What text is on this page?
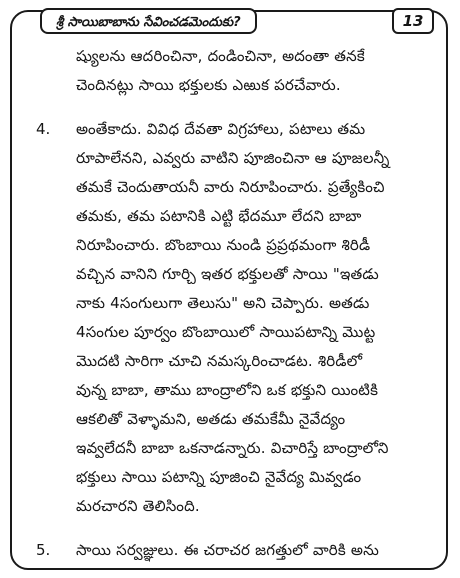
శ్రీ సాయిబాబాను సేవించడమెందుకు?	13
ష్యులను ఆదరించినా, దండించినా, అదంతా తనకే
చెందినట్లు సాయి భక్తులకు ఎఱుక పరచేవారు.
4. అంతేకాదు. వివిధ దేవతా విగ్రహాలు, పటాలు తమ
రూపాలేనని, ఎవ్వరు వాటిని పూజించినా ఆ పూజలన్నీ
తమకే చెందుతాయనీ వారు నిరూపించారు. ప్రత్యేకించి
తమకు, తమ పటానికి ఎట్టి భేదమూ లేదని బాబా
నిరూపించారు. బొంబాయి నుండి ప్రప్రథమంగా శిరిడీ
వచ్చిన వానిని గూర్చి ఇతర భక్తులతో సాయి "ఇతడు
నాకు 4సంగులుగా తెలుసు" అని చెప్పారు. అతడు
4సంగుల పూర్వం బొంబాయిలో సాయిపటాన్ని మొట్ట
మొదటి సారిగా చూచి నమస్కరించాడట. శిరిడీలో
వున్న బాబా, తాము బాంద్రాలోని ఒక భక్తుని యింటికి
ఆకలితో వెళ్ళామని, అతడు తమకేమీ నైవేద్యం
ఇవ్వలేదనీ బాబా ఒకనాడన్నారు. విచారిస్తే బాంద్రాలోని
భక్తులు సాయి పటాన్ని పూజించి నైవేద్య మివ్వడం
మరచారని తెలిసింది.
5. సాయి సర్వజ్ఞులు. ఈ చరాచర జగత్తులో వారికి అను
